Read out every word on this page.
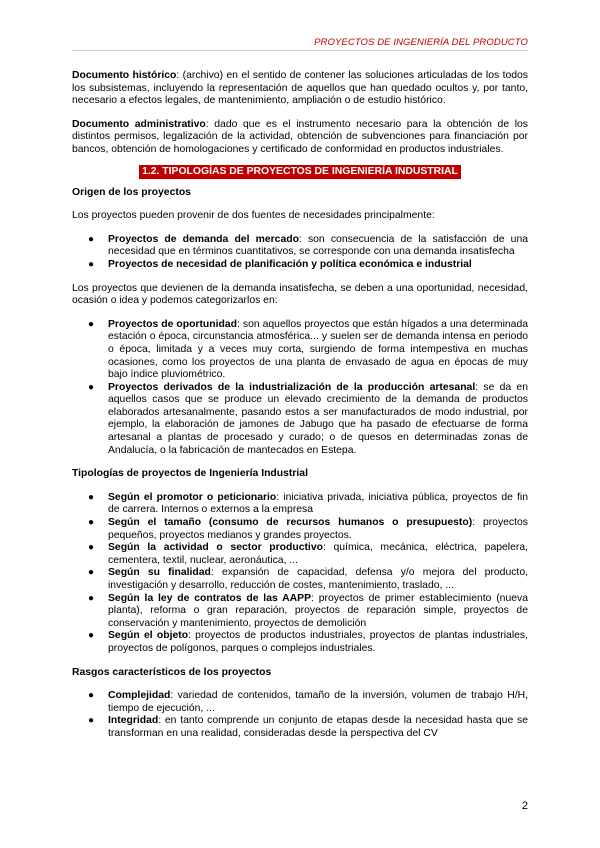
PROYECTOS DE INGENIERÍA DEL PRODUCTO

Documento histórico: (archivo) en el sentido de contener las soluciones articuladas de los todos los subsistemas, incluyendo la representación de aquellos que han quedado ocultos y, por tanto, necesario a efectos legales, de mantenimiento, ampliación o de estudio histórico.

Documento administrativo: dado que es el instrumento necesario para la obtención de los distintos permisos, legalización de la actividad, obtención de subvenciones para financiación por bancos, obtención de homologaciones y certificado de conformidad en productos industriales.

1.2. TIPOLOGÍAS DE PROYECTOS DE INGENIERÍA INDUSTRIAL
Origen de los proyectos

Los proyectos pueden provenir de dos fuentes de necesidades principalmente:

● Proyectos de demanda del mercado: son consecuencia de la satisfacción de una necesidad que en términos cuantitativos, se corresponde con una demanda insatisfecha
● Proyectos de necesidad de planificación y política económica e industrial

Los proyectos que devienen de la demanda insatisfecha, se deben a una oportunidad, necesidad, ocasión o idea y podemos categorizarlos en:

● Proyectos de oportunidad: son aquellos proyectos que están hígados a una determinada estación o época, circunstancia atmosférica... y suelen ser de demanda intensa en periodo o época, limitada y a veces muy corta, surgiendo de forma intempestiva en muchas ocasiones, como los proyectos de una planta de envasado de agua en épocas de muy bajo índice pluviométrico.
● Proyectos derivados de la industrialización de la producción artesanal: se da en aquellos casos que se produce un elevado crecimiento de la demanda de productos elaborados artesanalmente, pasando estos a ser manufacturados de modo industrial, por ejemplo, la elaboración de jamones de Jabugo que ha pasado de efectuarse de forma artesanal a plantas de procesado y curado; o de quesos en determinadas zonas de Andalucía, o la fabricación de mantecados en Estepa.
Tipologías de proyectos de Ingeniería Industrial
● Según el promotor o peticionario: iniciativa privada, iniciativa pública, proyectos de fin de carrera. Internos o externos a la empresa
● Según el tamaño (consumo de recursos humanos o presupuesto): proyectos pequeños, proyectos medianos y grandes proyectos.
● Según la actividad o sector productivo: química, mecánica, eléctrica, papelera, cementera, textil, nuclear, aeronáutica, ...
● Según su finalidad: expansión de capacidad, defensa y/o mejora del producto, investigación y desarrollo, reducción de costes, mantenimiento, traslado, ...
● Según la ley de contratos de las AAPP: proyectos de primer establecimiento (nueva planta), reforma o gran reparación, proyectos de reparación simple, proyectos de conservación y mantenimiento, proyectos de demolición
● Según el objeto: proyectos de productos industriales, proyectos de plantas industriales, proyectos de polígonos, parques o complejos industriales.
Rasgos característicos de los proyectos
● Complejidad: variedad de contenidos, tamaño de la inversión, volumen de trabajo H/H, tiempo de ejecución, ...
● Integridad: en tanto comprende un conjunto de etapas desde la necesidad hasta que se transforman en una realidad, consideradas desde la perspectiva del CV
2
